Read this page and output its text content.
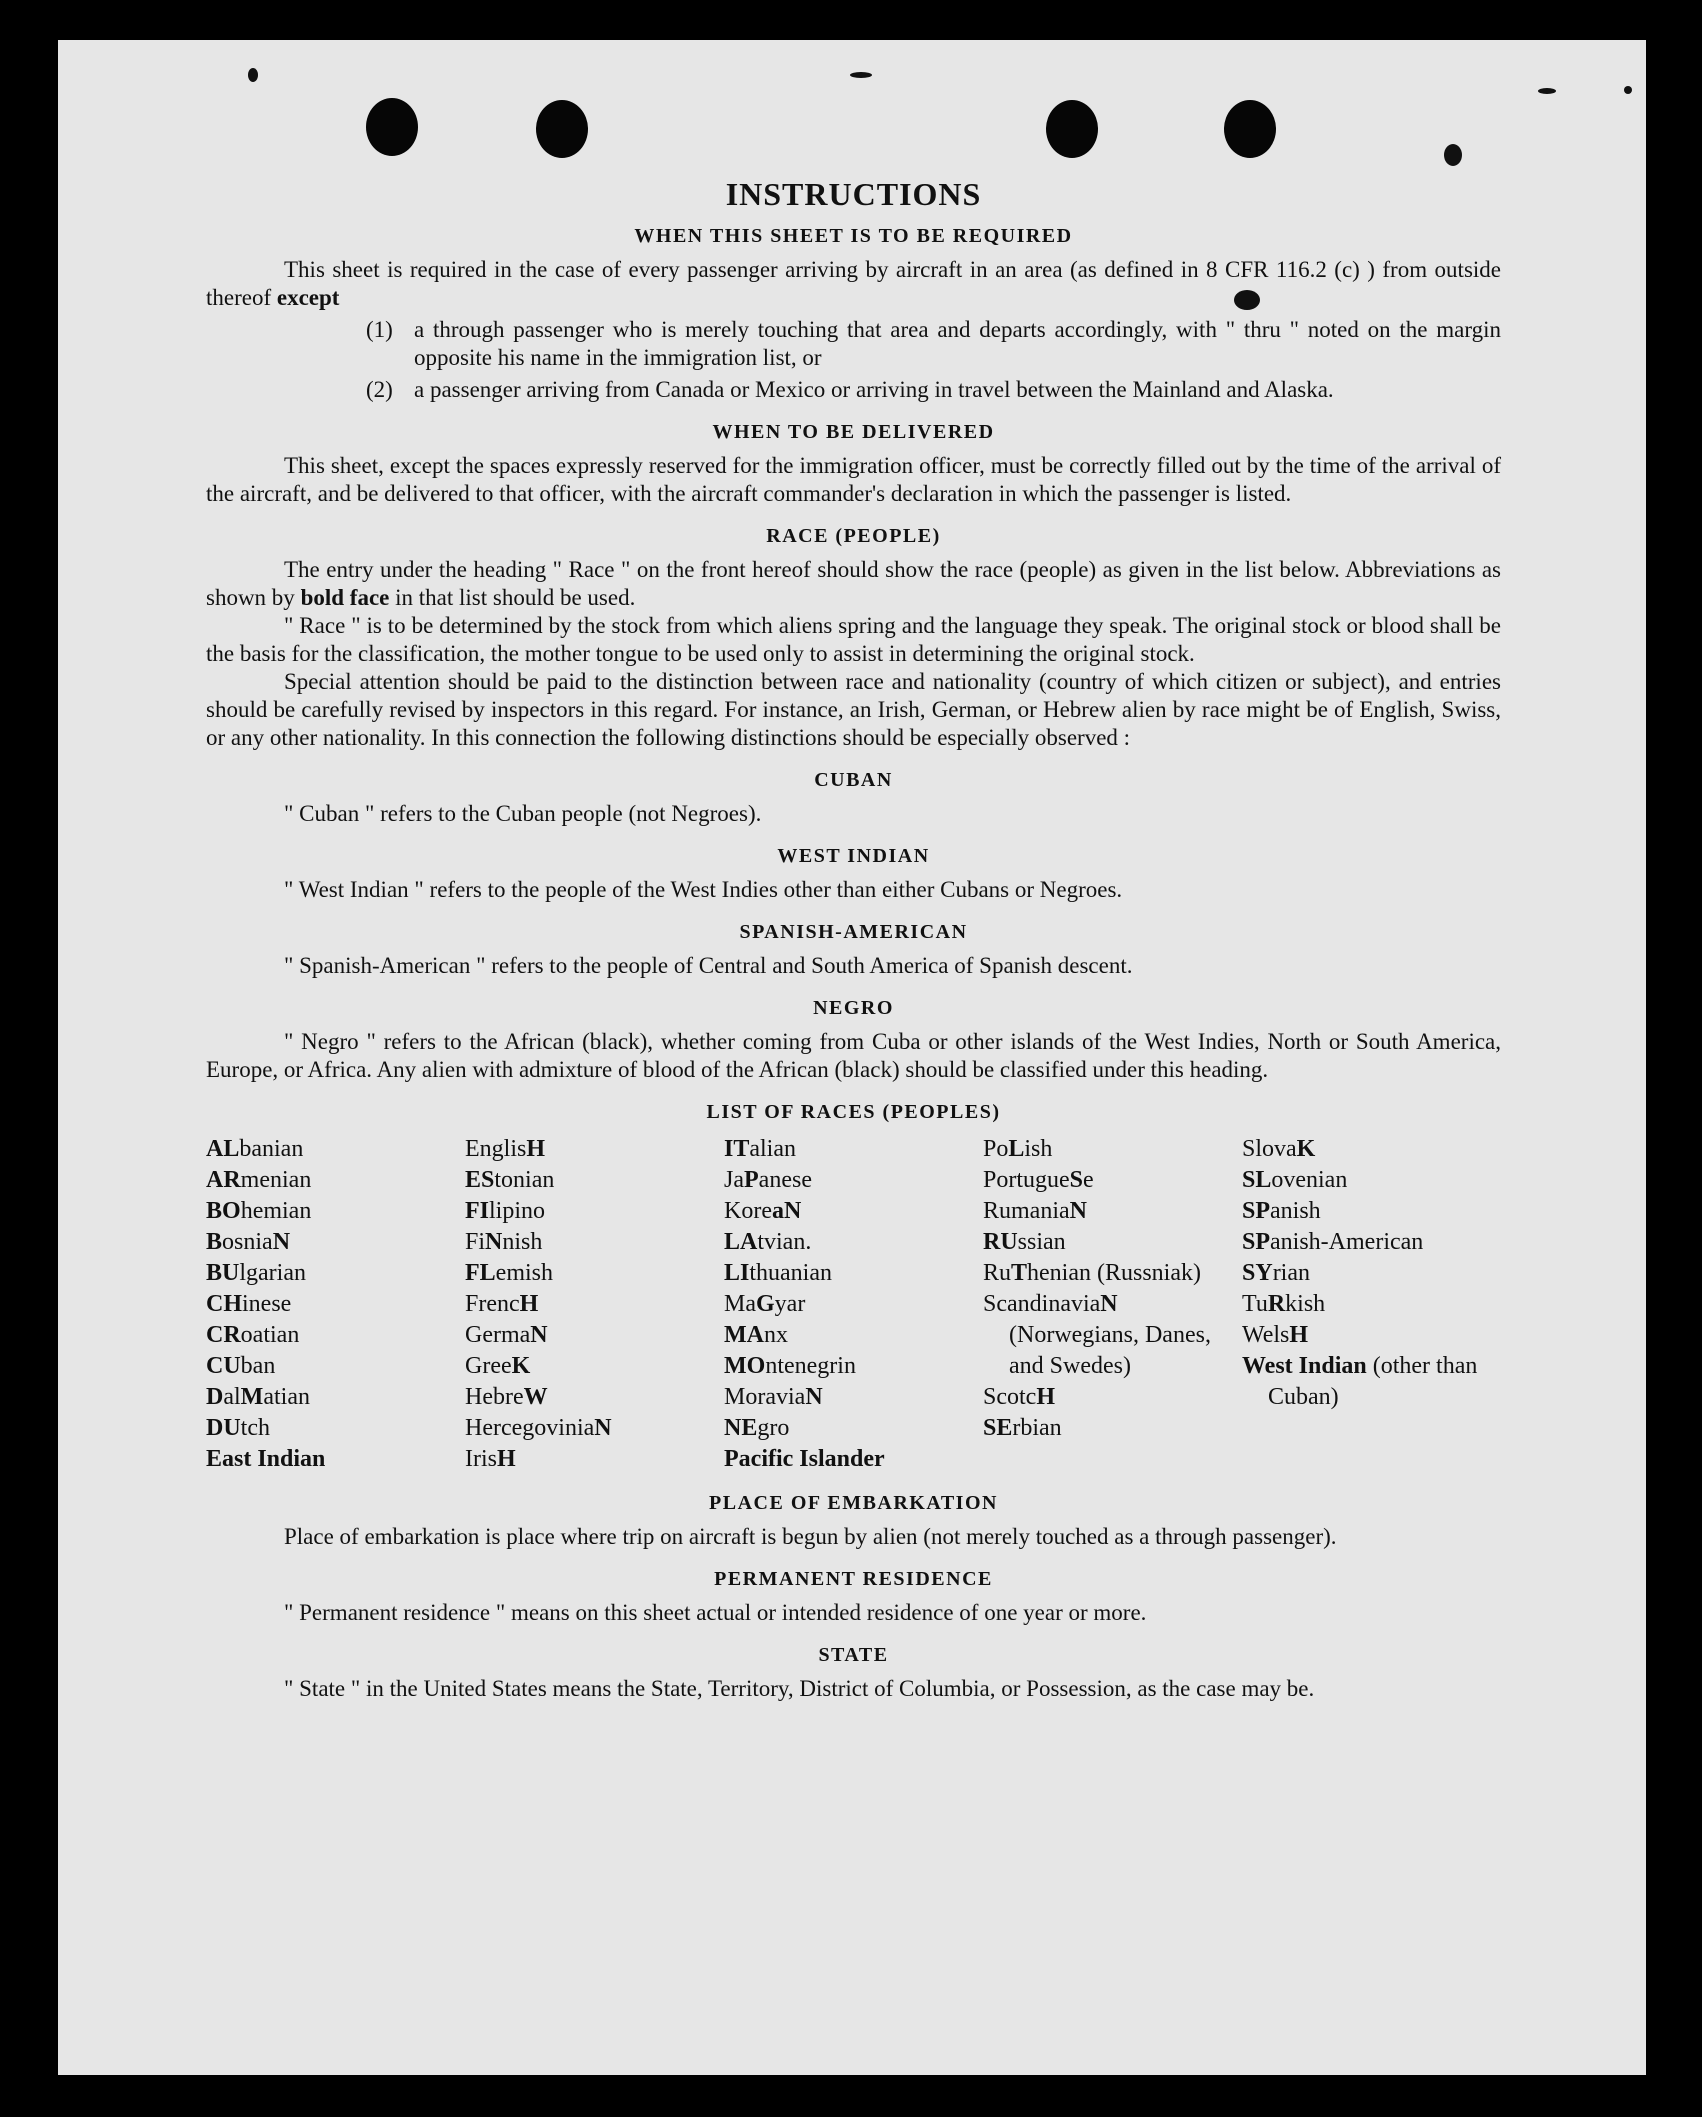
INSTRUCTIONS
WHEN THIS SHEET IS TO BE REQUIRED

This sheet is required in the case of every passenger arriving by aircraft in an area (as defined in 8 CFR 116.2 (c) ) from outside thereof except

(1) a through passenger who is merely touching that area and departs accordingly, with " thru " noted on the margin opposite his name in the immigration list, or
(2) a passenger arriving from Canada or Mexico or arriving in travel between the Mainland and Alaska.
WHEN TO BE DELIVERED

This sheet, except the spaces expressly reserved for the immigration officer, must be correctly filled out by the time of the arrival of the aircraft, and be delivered to that officer, with the aircraft commander's declaration in which the passenger is listed.

RACE (PEOPLE)

The entry under the heading " Race " on the front hereof should show the race (people) as given in the list below. Abbreviations as shown by bold face in that list should be used.

" Race " is to be determined by the stock from which aliens spring and the language they speak. The original stock or blood shall be the basis for the classification, the mother tongue to be used only to assist in determining the original stock.

Special attention should be paid to the distinction between race and nationality (country of which citizen or subject), and entries should be carefully revised by inspectors in this regard. For instance, an Irish, German, or Hebrew alien by race might be of English, Swiss, or any other nationality. In this connection the following distinctions should be especially observed :

CUBAN

" Cuban " refers to the Cuban people (not Negroes).

WEST INDIAN

" West Indian " refers to the people of the West Indies other than either Cubans or Negroes.

SPANISH-AMERICAN

" Spanish-American " refers to the people of Central and South America of Spanish descent.

NEGRO

" Negro " refers to the African (black), whether coming from Cuba or other islands of the West Indies, North or South America, Europe, or Africa. Any alien with admixture of blood of the African (black) should be classified under this heading.

LIST OF RACES (PEOPLES)
ALbanian
ARmenian
BOhemian
BosniaN
BUlgarian
CHinese
CRoatian
CUban
DalMatian
DUtch
East Indian
EnglisH
EStonian
FIlipino
FiNnish
FLemish
FrencH
GermaN
GreeK
HebreW
HercegoviniaN
IrisH
ITalian
JaPanese
KoreaN
LAtvian.
LIthuanian
MaGyar
MAnx
MOntenegrin
MoraviaN
NEgro
Pacific Islander
PoLish
PortugueSe
RumaniaN
RUssian
RuThenian (Russniak)
ScandinaviaN (Norwegians, Danes, and Swedes)
ScotcH
SErbian
SlovaK
SLovenian
SPanish
SPanish-American
SYrian
TuRkish
WelsH
West Indian (other than Cuban)
PLACE OF EMBARKATION

Place of embarkation is place where trip on aircraft is begun by alien (not merely touched as a through passenger).

PERMANENT RESIDENCE

" Permanent residence " means on this sheet actual or intended residence of one year or more.

STATE

" State " in the United States means the State, Territory, District of Columbia, or Possession, as the case may be.
